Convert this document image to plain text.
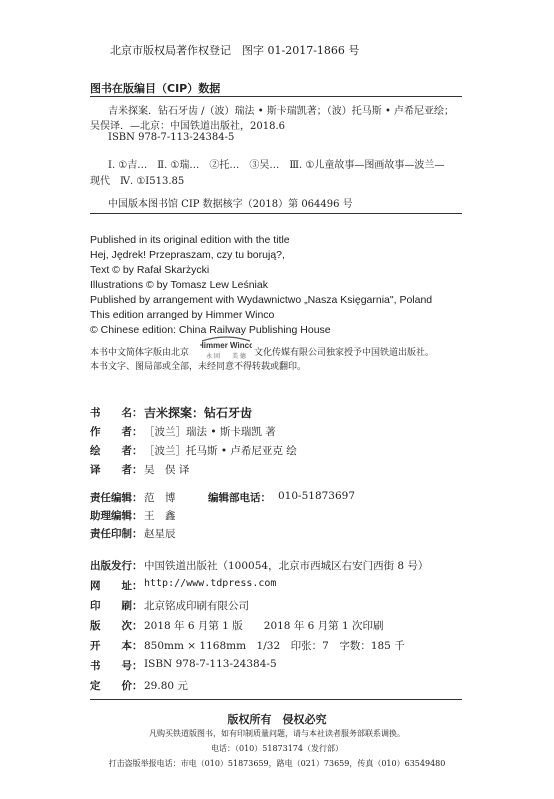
北京市版权局著作权登记　图字 01-2017-1866 号
图书在版编目（CIP）数据
吉米探案．钻石牙齿 /（波）瑞法 • 斯卡瑞凯著；（波）托马斯 • 卢希尼亚绘；
吴俣译．—北京：中国铁道出版社，2018.6
ISBN 978-7-113-24384-5
Ⅰ. ①吉…　Ⅱ. ①瑞…　②托…　③吴…　Ⅲ. ①儿童故事—图画故事—波兰—
现代　Ⅳ. ①I513.85
中国版本图书馆 CIP 数据核字（2018）第 064496 号
Published in its original edition with the title
Hej, Jędrek! Przepraszam, czy tu borują?,
Text © by Rafał Skarżycki
Illustrations © by Tomasz Lew Leśniak
Published by arrangement with Wydawnictwo „Nasza Księgarnia", Poland
This edition arranged by Himmer Winco
© Chinese edition: China Railway Publishing House
本书中文简体字版由北京
Himmer Winco
永 固　　美 德 文化传媒有限公司独家授予中国铁道出版社。
本书文字、图局部或全部，未经同意不得转载或翻印。
书　　名： 吉米探案：钻石牙齿
作　　者： ［波兰］瑞法 • 斯卡瑞凯 著
绘　　者： ［波兰］托马斯 • 卢希尼亚克 绘
译　　者： 吴　俣 译
责任编辑： 范　博	编辑部电话： 010-51873697
助理编辑： 王　鑫
责任印制： 赵星辰
出版发行： 中国铁道出版社（100054，北京市西城区右安门西街 8 号）
网　　址： http://www.tdpress.com
印　　刷： 北京铭成印刷有限公司
版　　次： 2018 年 6 月第 1 版　　2018 年 6 月第 1 次印刷
开　　本： 850mm × 1168mm　1/32　印张：7　字数：185 千
书　　号： ISBN 978-7-113-24384-5
定　　价： 29.80 元
版权所有　侵权必究
凡购买铁道版图书，如有印制质量问题，请与本社读者服务部联系调换。
电话：（010）51873174（发行部）
打击盗版举报电话：市电（010）51873659，路电（021）73659，传真（010）63549480
